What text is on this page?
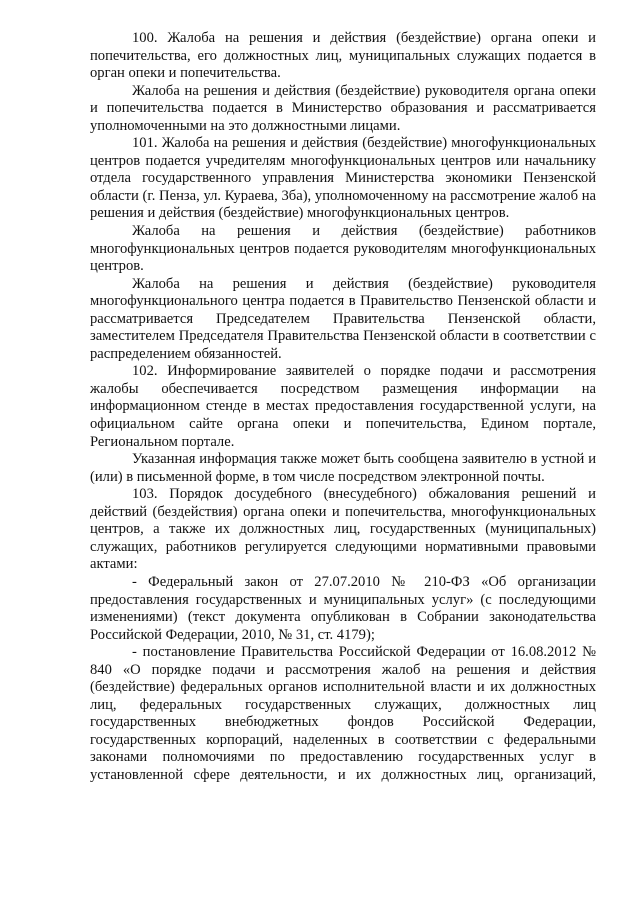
100. Жалоба на решения и действия (бездействие) органа опеки и попечительства, его должностных лиц, муниципальных служащих подается в орган опеки и попечительства.

Жалоба на решения и действия (бездействие) руководителя органа опеки и попечительства подается в Министерство образования и рассматривается уполномоченными на это должностными лицами.

101. Жалоба на решения и действия (бездействие) многофункциональных центров подается учредителям многофункциональных центров или начальнику отдела государственного управления Министерства экономики Пензенской области (г. Пенза, ул. Кураева, 3ба), уполномоченному на рассмотрение жалоб на решения и действия (бездействие) многофункциональных центров.

Жалоба на решения и действия (бездействие) работников многофункциональных центров подается руководителям многофункциональных центров.

Жалоба на решения и действия (бездействие) руководителя многофункционального центра подается в Правительство Пензенской области и рассматривается Председателем Правительства Пензенской области, заместителем Председателя Правительства Пензенской области в соответствии с распределением обязанностей.

102. Информирование заявителей о порядке подачи и рассмотрения жалобы обеспечивается посредством размещения информации на информационном стенде в местах предоставления государственной услуги, на официальном сайте органа опеки и попечительства, Едином портале, Региональном портале.

Указанная информация также может быть сообщена заявителю в устной и (или) в письменной форме, в том числе посредством электронной почты.

103. Порядок досудебного (внесудебного) обжалования решений и действий (бездействия) органа опеки и попечительства, многофункциональных центров, а также их должностных лиц, государственных (муниципальных) служащих, работников регулируется следующими нормативными правовыми актами:

- Федеральный закон от 27.07.2010 № 210-ФЗ «Об организации предоставления государственных и муниципальных услуг» (с последующими изменениями) (текст документа опубликован в Собрании законодательства Российской Федерации, 2010, № 31, ст. 4179);

- постановление Правительства Российской Федерации от 16.08.2012 № 840 «О порядке подачи и рассмотрения жалоб на решения и действия (бездействие) федеральных органов исполнительной власти и их должностных лиц, федеральных государственных служащих, должностных лиц государственных внебюджетных фондов Российской Федерации, государственных корпораций, наделенных в соответствии с федеральными законами полномочиями по предоставлению государственных услуг в установленной сфере деятельности, и их должностных лиц, организаций,
